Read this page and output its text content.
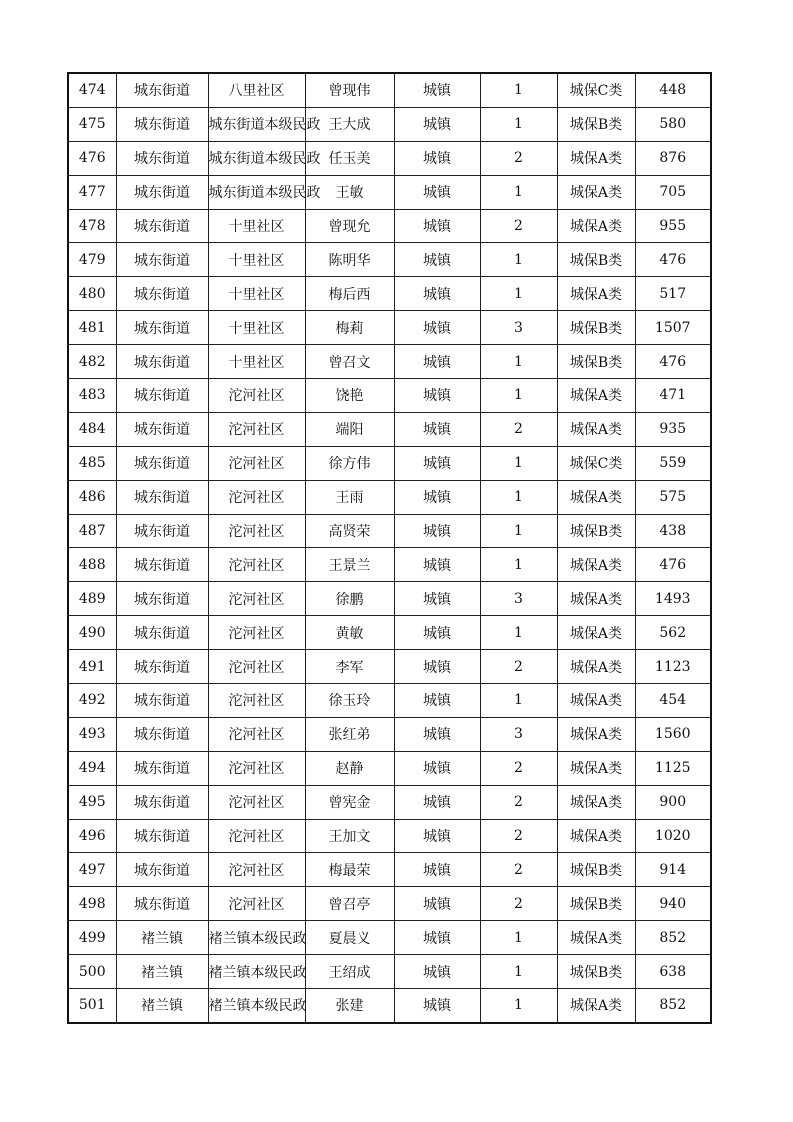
474	城东街道	八里社区	曾现伟	城镇	1	城保C类	448
475	城东街道	城东街道本级民政	王大成	城镇	1	城保B类	580
476	城东街道	城东街道本级民政	任玉美	城镇	2	城保A类	876
477	城东街道	城东街道本级民政	王敏	城镇	1	城保A类	705
478	城东街道	十里社区	曾现允	城镇	2	城保A类	955
479	城东街道	十里社区	陈明华	城镇	1	城保B类	476
480	城东街道	十里社区	梅后西	城镇	1	城保A类	517
481	城东街道	十里社区	梅莉	城镇	3	城保B类	1507
482	城东街道	十里社区	曾召文	城镇	1	城保B类	476
483	城东街道	沱河社区	饶艳	城镇	1	城保A类	471
484	城东街道	沱河社区	端阳	城镇	2	城保A类	935
485	城东街道	沱河社区	徐方伟	城镇	1	城保C类	559
486	城东街道	沱河社区	王雨	城镇	1	城保A类	575
487	城东街道	沱河社区	高贤荣	城镇	1	城保B类	438
488	城东街道	沱河社区	王景兰	城镇	1	城保A类	476
489	城东街道	沱河社区	徐鹏	城镇	3	城保A类	1493
490	城东街道	沱河社区	黄敏	城镇	1	城保A类	562
491	城东街道	沱河社区	李军	城镇	2	城保A类	1123
492	城东街道	沱河社区	徐玉玲	城镇	1	城保A类	454
493	城东街道	沱河社区	张红弟	城镇	3	城保A类	1560
494	城东街道	沱河社区	赵静	城镇	2	城保A类	1125
495	城东街道	沱河社区	曾宪金	城镇	2	城保A类	900
496	城东街道	沱河社区	王加文	城镇	2	城保A类	1020
497	城东街道	沱河社区	梅最荣	城镇	2	城保B类	914
498	城东街道	沱河社区	曾召亭	城镇	2	城保B类	940
499	褚兰镇	褚兰镇本级民政	夏晨义	城镇	1	城保A类	852
500	褚兰镇	褚兰镇本级民政	王绍成	城镇	1	城保B类	638
501	褚兰镇	褚兰镇本级民政	张建	城镇	1	城保A类	852
